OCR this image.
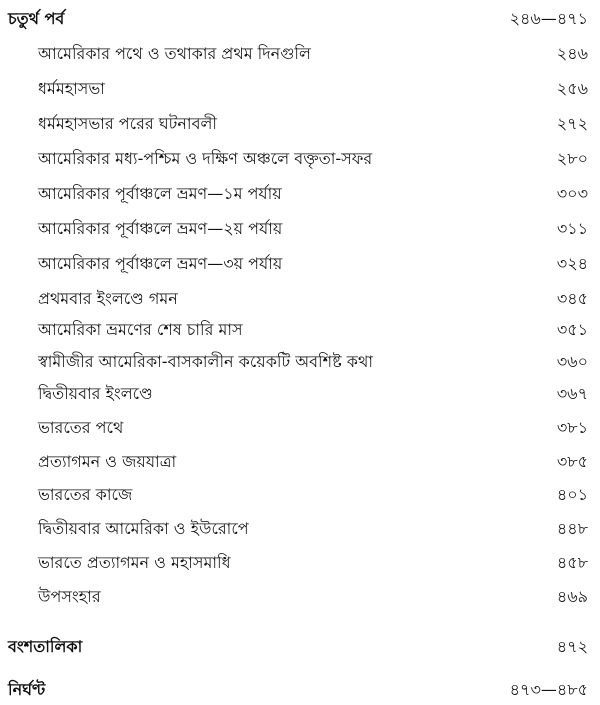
চতুর্থ পর্ব	২৪৬—৪৭১
আমেরিকার পথে ও তথাকার প্রথম দিনগুলি	২৪৬
ধর্মমহাসভা	২৫৬
ধর্মমহাসভার পরের ঘটনাবলী	২৭২
আমেরিকার মধ্য-পশ্চিম ও দক্ষিণ অঞ্চলে বক্তৃতা-সফর	২৮০
আমেরিকার পূর্বাঞ্চলে ভ্রমণ—১ম পর্যায়	৩০৩
আমেরিকার পূর্বাঞ্চলে ভ্রমণ—২য় পর্যায়	৩১১
আমেরিকার পূর্বাঞ্চলে ভ্রমণ—৩য় পর্যায়	৩২৪
প্রথমবার ইংলণ্ডে গমন	৩৪৫
আমেরিকা ভ্রমণের শেষ চারি মাস	৩৫১
স্বামীজীর আমেরিকা-বাসকালীন কয়েকটি অবশিষ্ট কথা	৩৬০
দ্বিতীয়বার ইংলণ্ডে	৩৬৭
ভারতের পথে	৩৮১
প্রত্যাগমন ও জয়যাত্রা	৩৮৫
ভারতের কাজে	৪০১
দ্বিতীয়বার আমেরিকা ও ইউরোপে	৪৪৮
ভারতে প্রত্যাগমন ও মহাসমাধি	৪৫৮
উপসংহার	৪৬৯
বংশতালিকা	৪৭২
নির্ঘণ্ট	৪৭৩—৪৮৫
